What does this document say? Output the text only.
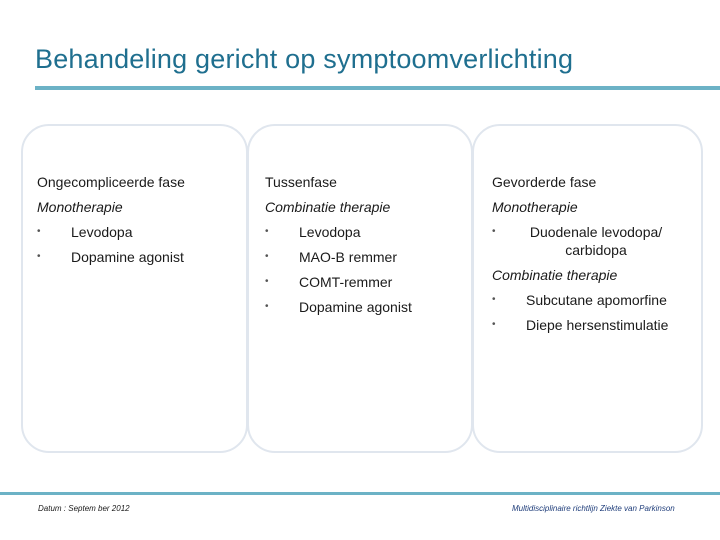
Behandeling gericht op symptoomverlichting
Ongecompliceerde fase
Monotherapie
• Levodopa
• Dopamine agonist
Tussenfase
Combinatie therapie
• Levodopa
• MAO-B remmer
• COMT-remmer
• Dopamine agonist
Gevorderde fase
Monotherapie
• Duodenale levodopa/ carbidopa
Combinatie therapie
• Subcutane apomorfine
• Diepe hersenstimulatie
Datum : Septem ber 2012	Multidisciplinaire richtlijn Ziekte van Parkinson
